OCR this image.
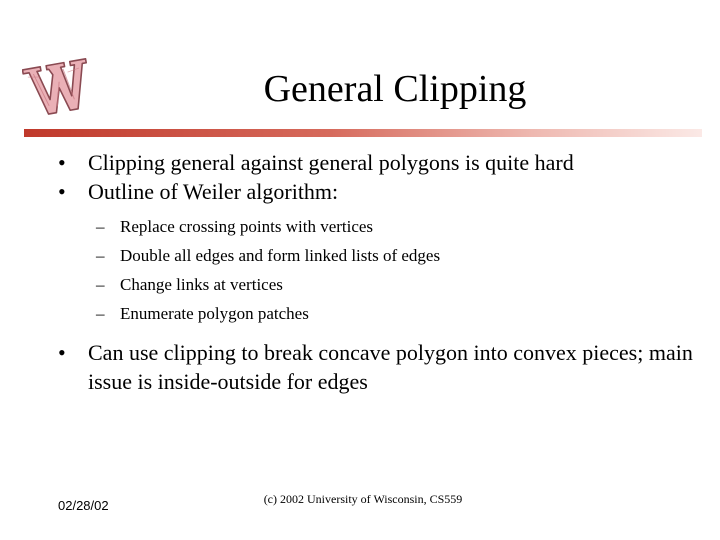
General Clipping
•	Clipping general against general polygons is quite hard
•	Outline of Weiler algorithm:
– Replace crossing points with vertices
– Double all edges and form linked lists of edges
– Change links at vertices
– Enumerate polygon patches
•	Can use clipping to break concave polygon into convex pieces; main issue is inside-outside for edges
02/28/02	(c) 2002 University of Wisconsin, CS559
